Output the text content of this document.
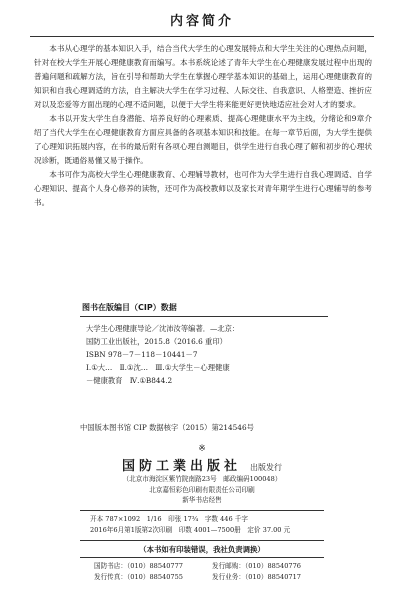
内容简介

本书从心理学的基本知识入手，结合当代大学生的心理发展特点和大学生关注的心理热点问题，针对在校大学生开展心理健康教育而编写。本书系统论述了青年大学生在心理健康发展过程中出现的普遍问题和疏解方法，旨在引导和帮助大学生在掌握心理学基本知识的基础上，运用心理健康教育的知识和自我心理调适的方法，自主解决大学生在学习过程、人际交往、自我意识、人格塑造、挫折应对以及恋爱等方面出现的心理不适问题，以便于大学生将来能更好更快地适应社会对人才的要求。

本书以开发大学生自身潜能、培养良好的心理素质、提高心理健康水平为主线，分绪论和9章介绍了当代大学生在心理健康教育方面应具备的各项基本知识和技能。在每一章节后面，为大学生提供了心理知识拓展内容，在书的最后附有各项心理自测题目，供学生进行自我心理了解和初步的心理状况诊断，既通俗易懂又易于操作。

本书可作为高校大学生心理健康教育、心理辅导教材，也可作为大学生进行自我心理调适、自学心理知识、提高个人身心修养的读物，还可作为高校教师以及家长对青年期学生进行心理辅导的参考书。

图书在版编目（CIP）数据
大学生心理健康导论／沈沛汝等编著．—北京：
国防工业出版社，2015.8（2016.6 重印）
ISBN 978－7－118－10441－7
Ⅰ.①大…　Ⅱ.①沈…　Ⅲ.①大学生－心理健康
－健康教育　Ⅳ.①B844.2
中国版本图书馆 CIP 数据核字（2015）第214546号
※
国防工業出版社 出版发行
（北京市海淀区紫竹院南路23号　邮政编码100048）
北京嘉恒彩色印刷有限责任公司印刷
新华书店经售
开本 787×1092　1/16　印张 17¾　字数 446 千字
2016年6月第1版第2次印刷　印数 4001—7500册　定价 37.00 元
（本书如有印装错误，我社负责调换）
国防书店：（010）88540777	发行邮购：（010）88540776
发行传真：（010）88540755	发行业务：（010）88540717
